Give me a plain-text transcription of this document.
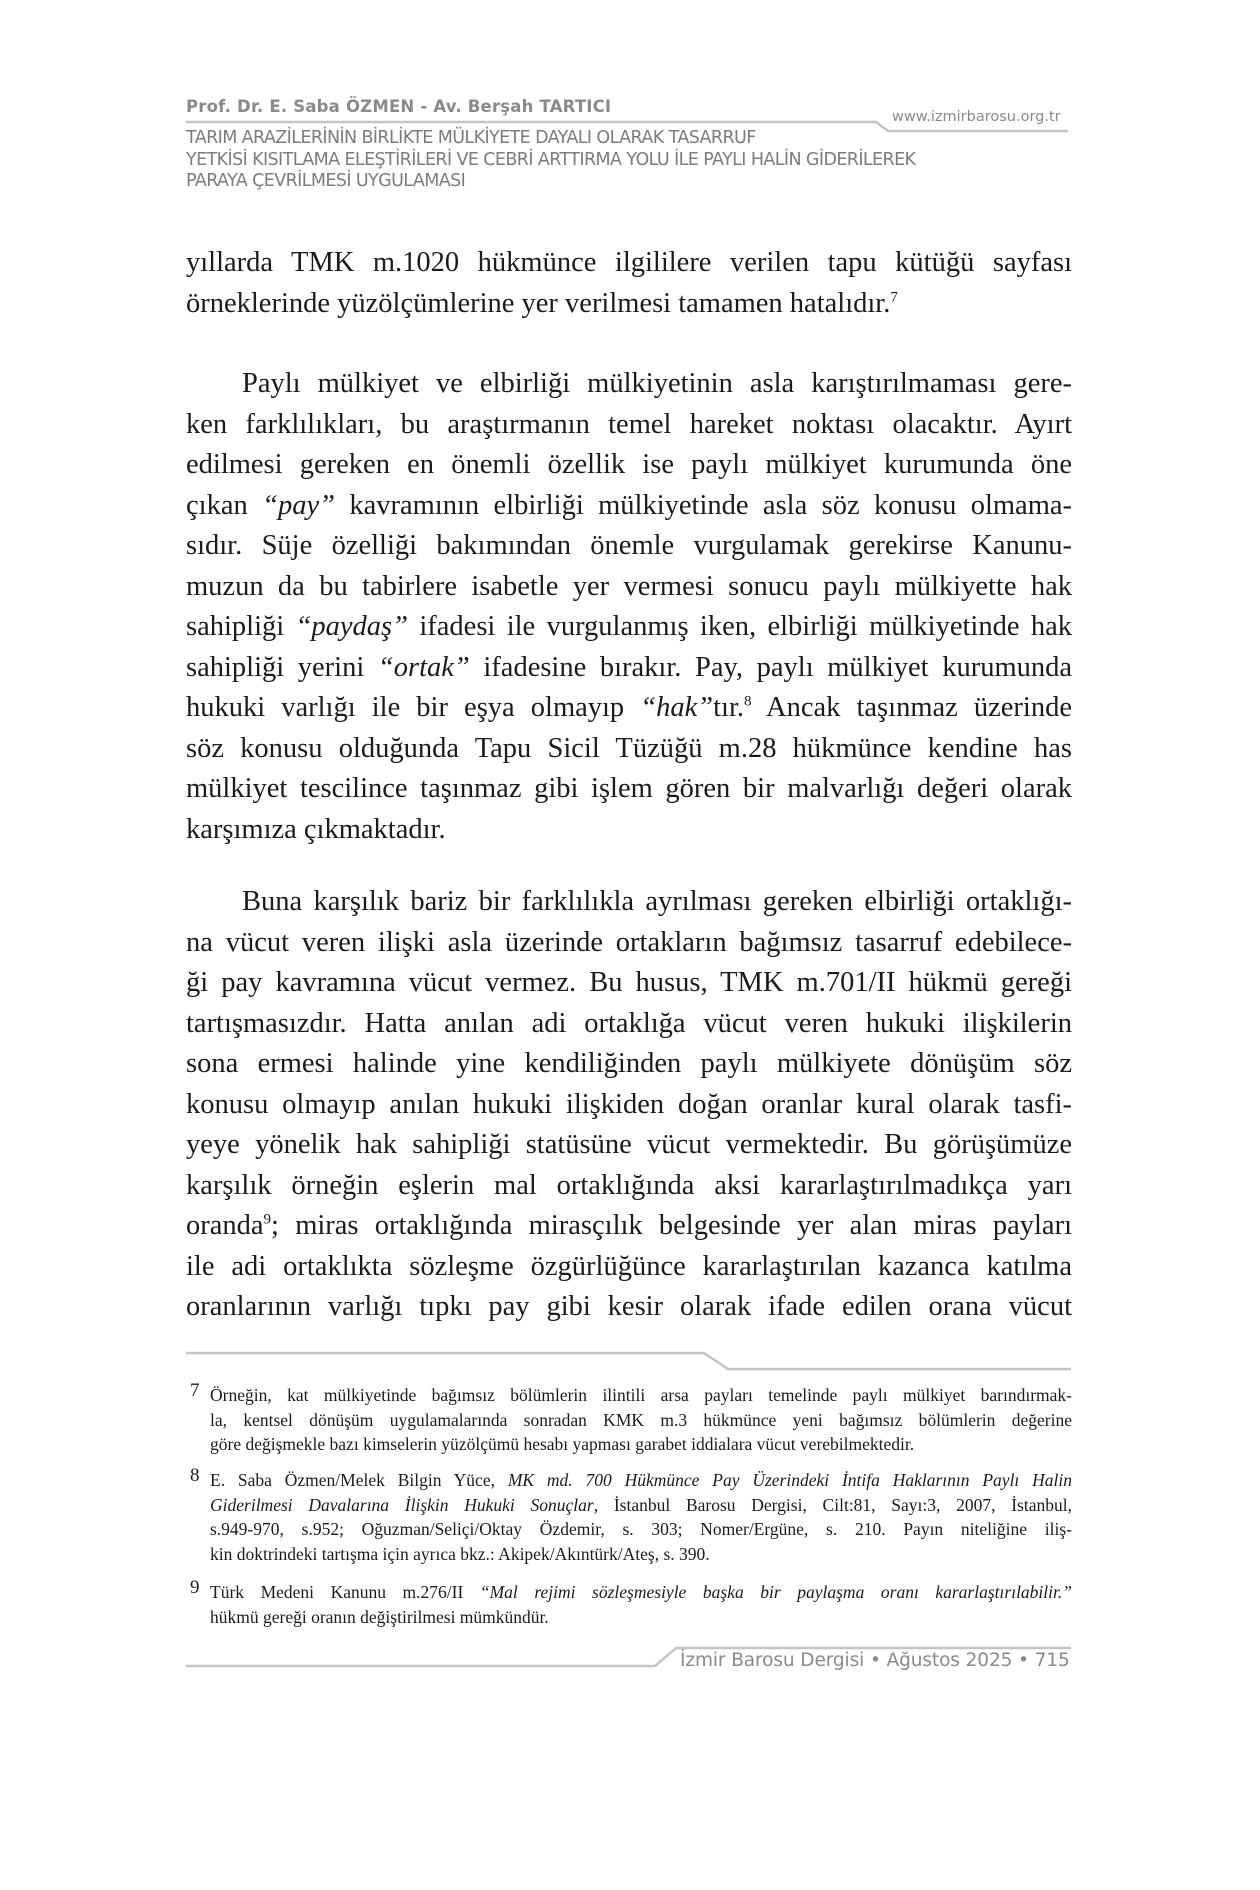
Prof. Dr. E. Saba ÖZMEN - Av. Berşah TARTICI
www.izmirbarosu.org.tr
TARIM ARAZİLERİNİN BİRLİKTE MÜLKİYETE DAYALI OLARAK TASARRUF
YETKİSİ KISITLAMA ELEŞTİRİLERİ VE CEBRİ ARTTIRMA YOLU İLE PAYLI HALİN GİDERİLEREK
PARAYA ÇEVRİLMESİ UYGULAMASI
yıllarda TMK m.1020 hükmünce ilgililere verilen tapu kütüğü sayfası
örneklerinde yüzölçümlerine yer verilmesi tamamen hatalıdır.$^7$
Paylı mülkiyet ve elbirliği mülkiyetinin asla karıştırılmaması gere-
ken farklılıkları, bu araştırmanın temel hareket noktası olacaktır. Ayırt
edilmesi gereken en önemli özellik ise paylı mülkiyet kurumunda öne
çıkan “pay” kavramının elbirliği mülkiyetinde asla söz konusu olmama-
sıdır. Süje özelliği bakımından önemle vurgulamak gerekirse Kanunu-
muzun da bu tabirlere isabetle yer vermesi sonucu paylı mülkiyette hak
sahipliği “paydaş” ifadesi ile vurgulanmış iken, elbirliği mülkiyetinde hak
sahipliği yerini “ortak” ifadesine bırakır. Pay, paylı mülkiyet kurumunda
hukuki varlığı ile bir eşya olmayıp “hak”tır.$^8$ Ancak taşınmaz üzerinde
söz konusu olduğunda Tapu Sicil Tüzüğü m.28 hükmünce kendine has
mülkiyet tescilince taşınmaz gibi işlem gören bir malvarlığı değeri olarak
karşımıza çıkmaktadır.
Buna karşılık bariz bir farklılıkla ayrılması gereken elbirliği ortaklığı-
na vücut veren ilişki asla üzerinde ortakların bağımsız tasarruf edebilece-
ği pay kavramına vücut vermez. Bu husus, TMK m.701/II hükmü gereği
tartışmasızdır. Hatta anılan adi ortaklığa vücut veren hukuki ilişkilerin
sona ermesi halinde yine kendiliğinden paylı mülkiyete dönüşüm söz
konusu olmayıp anılan hukuki ilişkiden doğan oranlar kural olarak tasfi-
yeye yönelik hak sahipliği statüsüne vücut vermektedir. Bu görüşümüze
karşılık örneğin eşlerin mal ortaklığında aksi kararlaştırılmadıkça yarı
oranda$^9$; miras ortaklığında mirasçılık belgesinde yer alan miras payları
ile adi ortaklıkta sözleşme özgürlüğünce kararlaştırılan kazanca katılma
oranlarının varlığı tıpkı pay gibi kesir olarak ifade edilen orana vücut
7 Örneğin, kat mülkiyetinde bağımsız bölümlerin ilintili arsa payları temelinde paylı mülkiyet barındırmak-
la, kentsel dönüşüm uygulamalarında sonradan KMK m.3 hükmünce yeni bağımsız bölümlerin değerine
göre değişmekle bazı kimselerin yüzölçümü hesabı yapması garabet iddialara vücut verebilmektedir.
8 E. Saba Özmen/Melek Bilgin Yüce, MK md. 700 Hükmünce Pay Üzerindeki İntifa Haklarının Paylı Halin
Giderilmesi Davalarına İlişkin Hukuki Sonuçlar, İstanbul Barosu Dergisi, Cilt:81, Sayı:3, 2007, İstanbul,
s.949-970, s.952; Oğuzman/Seliçi/Oktay Özdemir, s. 303; Nomer/Ergüne, s. 210. Payın niteliğine iliş-
kin doktrindeki tartışma için ayrıca bkz.: Akipek/Akıntürk/Ateş, s. 390.
9 Türk Medeni Kanunu m.276/II “Mal rejimi sözleşmesiyle başka bir paylaşma oranı kararlaştırılabilir.”
hükmü gereği oranın değiştirilmesi mümkündür.
İzmir Barosu Dergisi • Ağustos 2025 • 715
